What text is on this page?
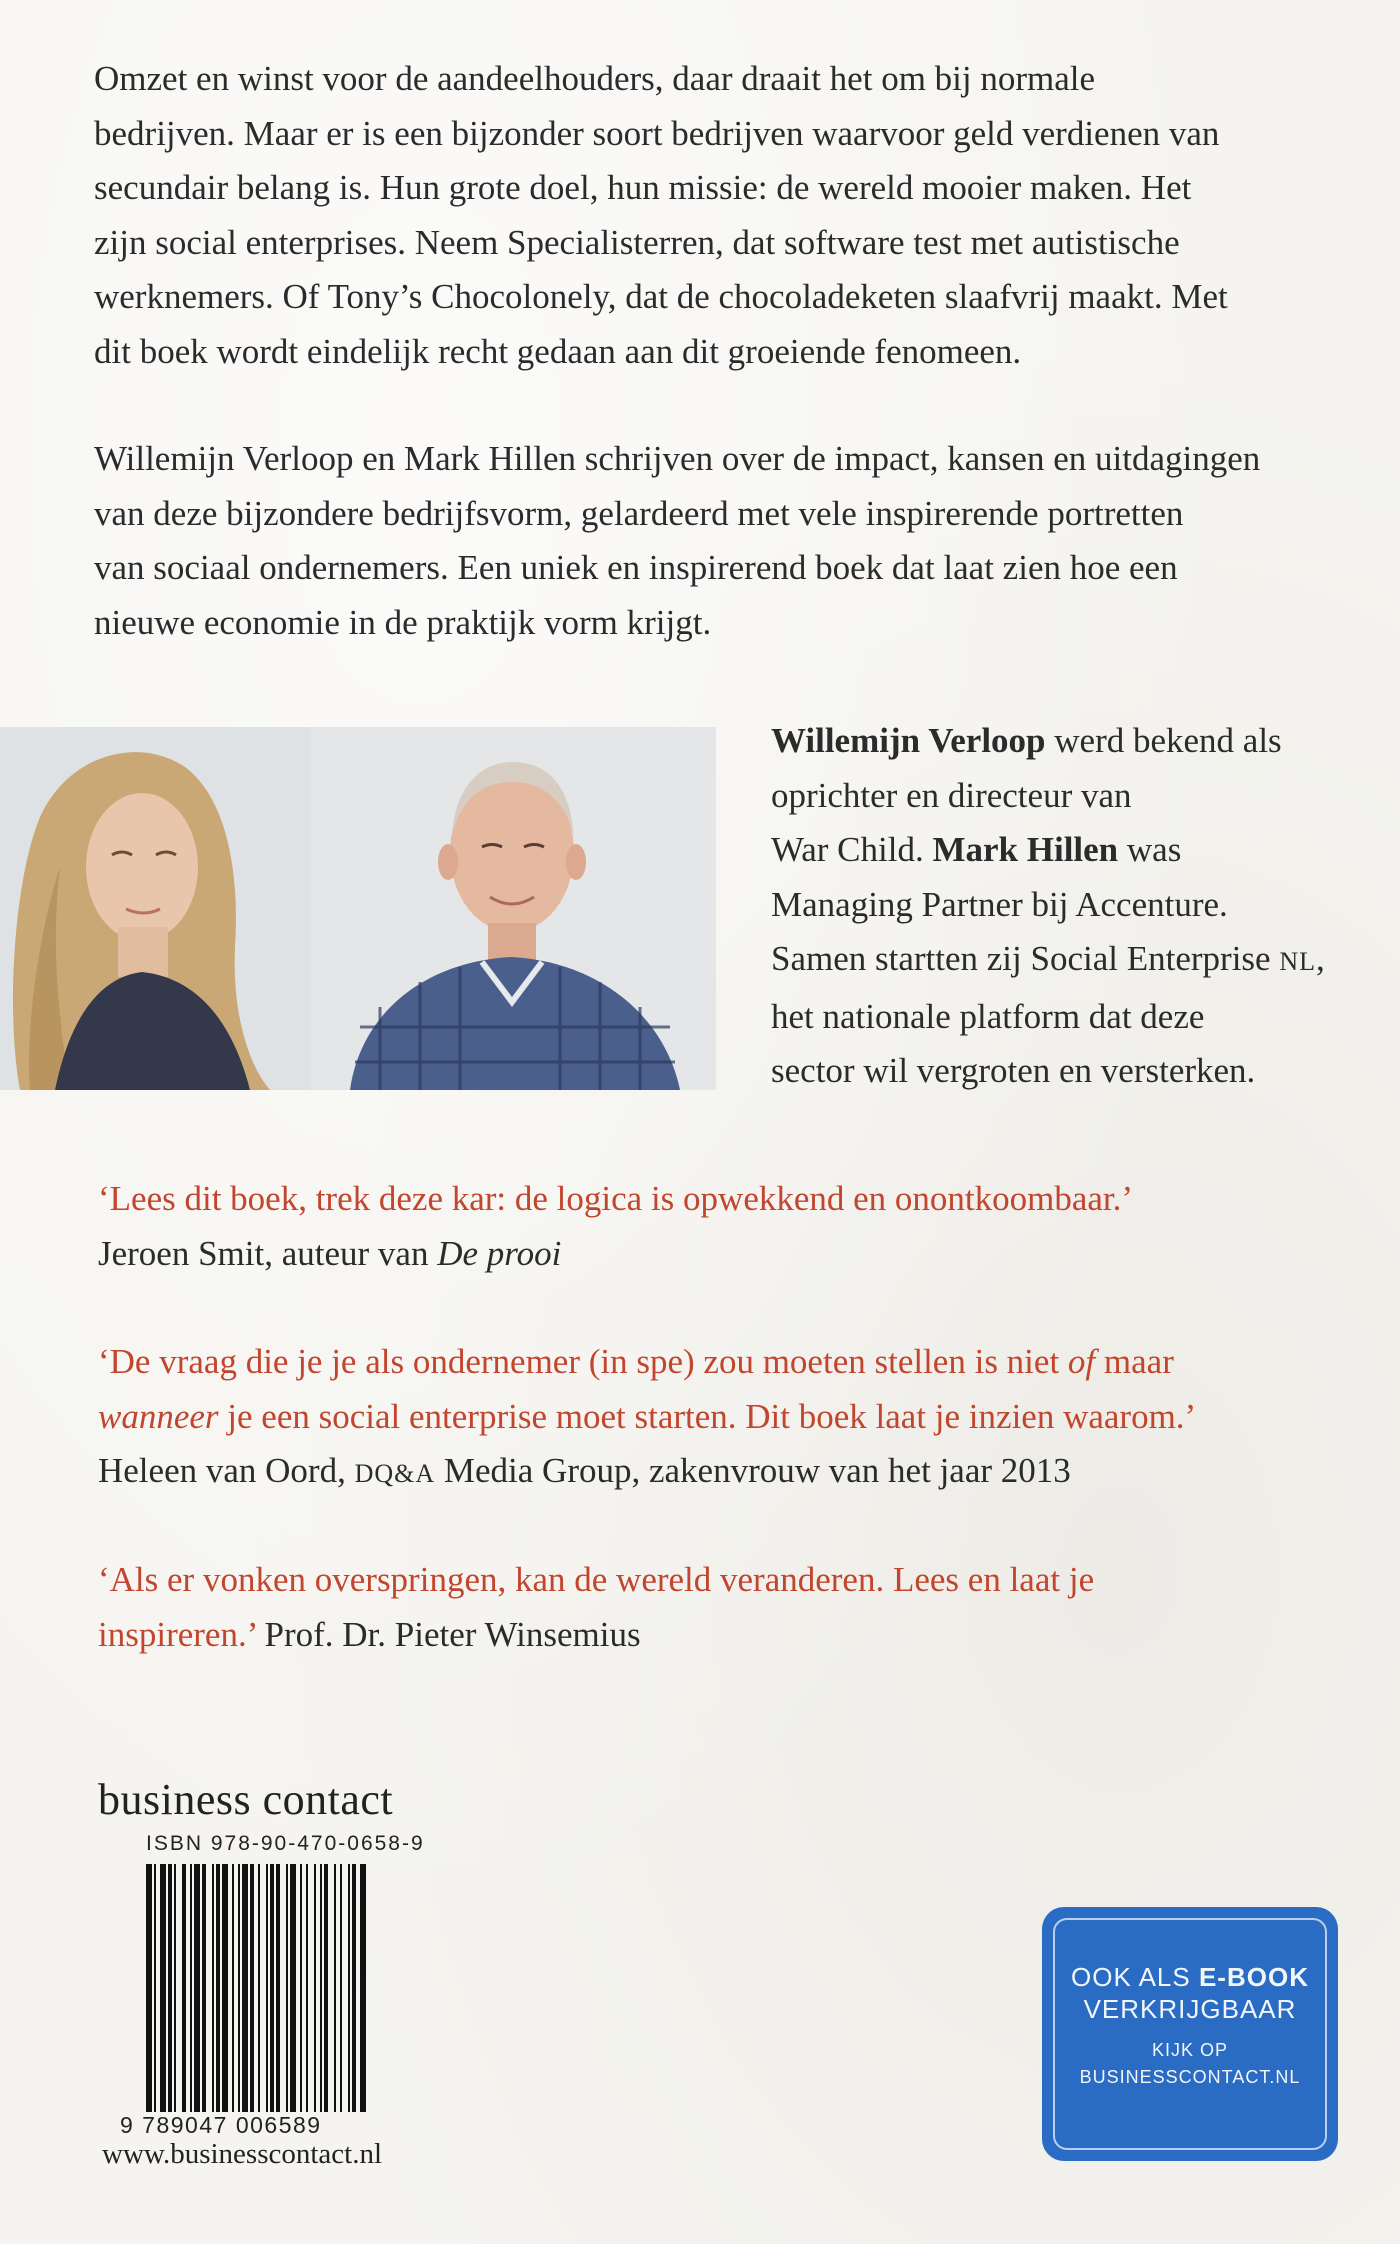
Omzet en winst voor de aandeelhouders, daar draait het om bij normale
bedrijven. Maar er is een bijzonder soort bedrijven waarvoor geld verdienen van
secundair belang is. Hun grote doel, hun missie: de wereld mooier maken. Het
zijn social enterprises. Neem Specialisterren, dat software test met autistische
werknemers. Of Tony’s Chocolonely, dat de chocoladeketen slaafvrij maakt. Met
dit boek wordt eindelijk recht gedaan aan dit groeiende fenomeen.
Willemijn Verloop en Mark Hillen schrijven over de impact, kansen en uitdagingen
van deze bijzondere bedrijfsvorm, gelardeerd met vele inspirerende portretten
van sociaal ondernemers. Een uniek en inspirerend boek dat laat zien hoe een
nieuwe economie in de praktijk vorm krijgt.
Willemijn Verloop werd bekend als
oprichter en directeur van
War Child. Mark Hillen was
Managing Partner bij Accenture.
Samen startten zij Social Enterprise NL,
het nationale platform dat deze
sector wil vergroten en versterken.
‘Lees dit boek, trek deze kar: de logica is opwekkend en onontkoombaar.’
Jeroen Smit, auteur van De prooi
‘De vraag die je je als ondernemer (in spe) zou moeten stellen is niet of maar
wanneer je een social enterprise moet starten. Dit boek laat je inzien waarom.’
Heleen van Oord, DQ&A Media Group, zakenvrouw van het jaar 2013
‘Als er vonken overspringen, kan de wereld veranderen. Lees en laat je
inspireren.’ Prof. Dr. Pieter Winsemius
business contact
ISBN 978-90-470-0658-9
9 789047 006589
www.businesscontact.nl
OOK ALS E-BOOK
VERKRIJGBAAR
KIJK OP
BUSINESSCONTACT.NL
